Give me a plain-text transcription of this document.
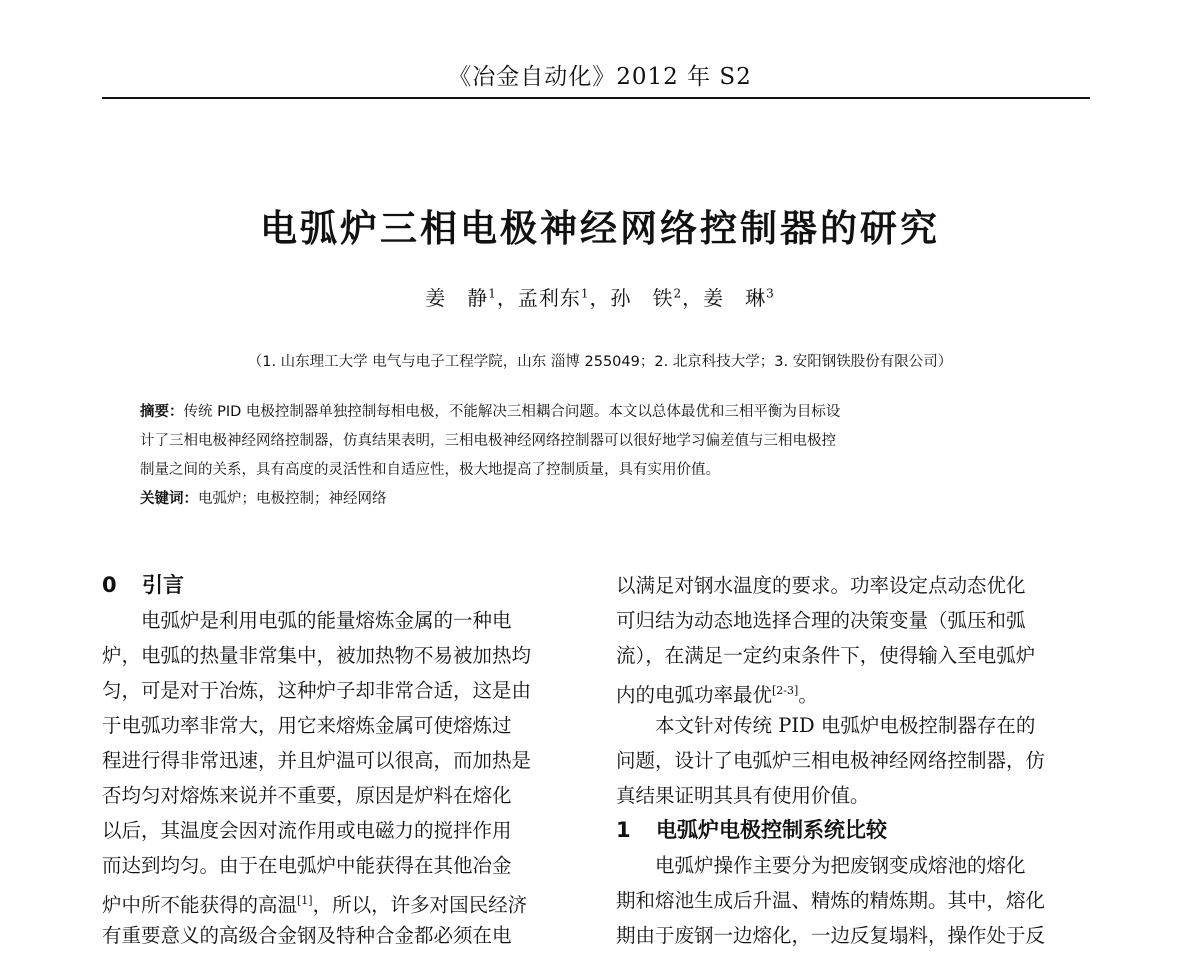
《冶金自动化》2012 年 S2
电弧炉三相电极神经网络控制器的研究
姜　静$^1$，孟利东$^1$，孙　铁$^2$，姜　琳$^3$
（1. 山东理工大学 电气与电子工程学院，山东 淄博 255049；2. 北京科技大学；3. 安阳钢铁股份有限公司）
摘要：传统 PID 电极控制器单独控制每相电极，不能解决三相耦合问题。本文以总体最优和三相平衡为目标设
计了三相电极神经网络控制器，仿真结果表明，三相电极神经网络控制器可以很好地学习偏差值与三相电极控
制量之间的关系，具有高度的灵活性和自适应性，极大地提高了控制质量，具有实用价值。
关键词：电弧炉；电极控制；神经网络
0 引言
电弧炉是利用电弧的能量熔炼金属的一种电
炉，电弧的热量非常集中，被加热物不易被加热均
匀，可是对于冶炼，这种炉子却非常合适，这是由
于电弧功率非常大，用它来熔炼金属可使熔炼过
程进行得非常迅速，并且炉温可以很高，而加热是
否均匀对熔炼来说并不重要，原因是炉料在熔化
以后，其温度会因对流作用或电磁力的搅拌作用
而达到均匀。由于在电弧炉中能获得在其他冶金
炉中所不能获得的高温[1]，所以，许多对国民经济
有重要意义的高级合金钢及特种合金都必须在电
以满足对钢水温度的要求。功率设定点动态优化
可归结为动态地选择合理的决策变量（弧压和弧
流），在满足一定约束条件下，使得输入至电弧炉
内的电弧功率最优[2-3]。
本文针对传统 PID 电弧炉电极控制器存在的
问题，设计了电弧炉三相电极神经网络控制器，仿
真结果证明其具有使用价值。
1 电弧炉电极控制系统比较
电弧炉操作主要分为把废钢变成熔池的熔化
期和熔池生成后升温、精炼的精炼期。其中，熔化
期由于废钢一边熔化，一边反复塌料，操作处于反
